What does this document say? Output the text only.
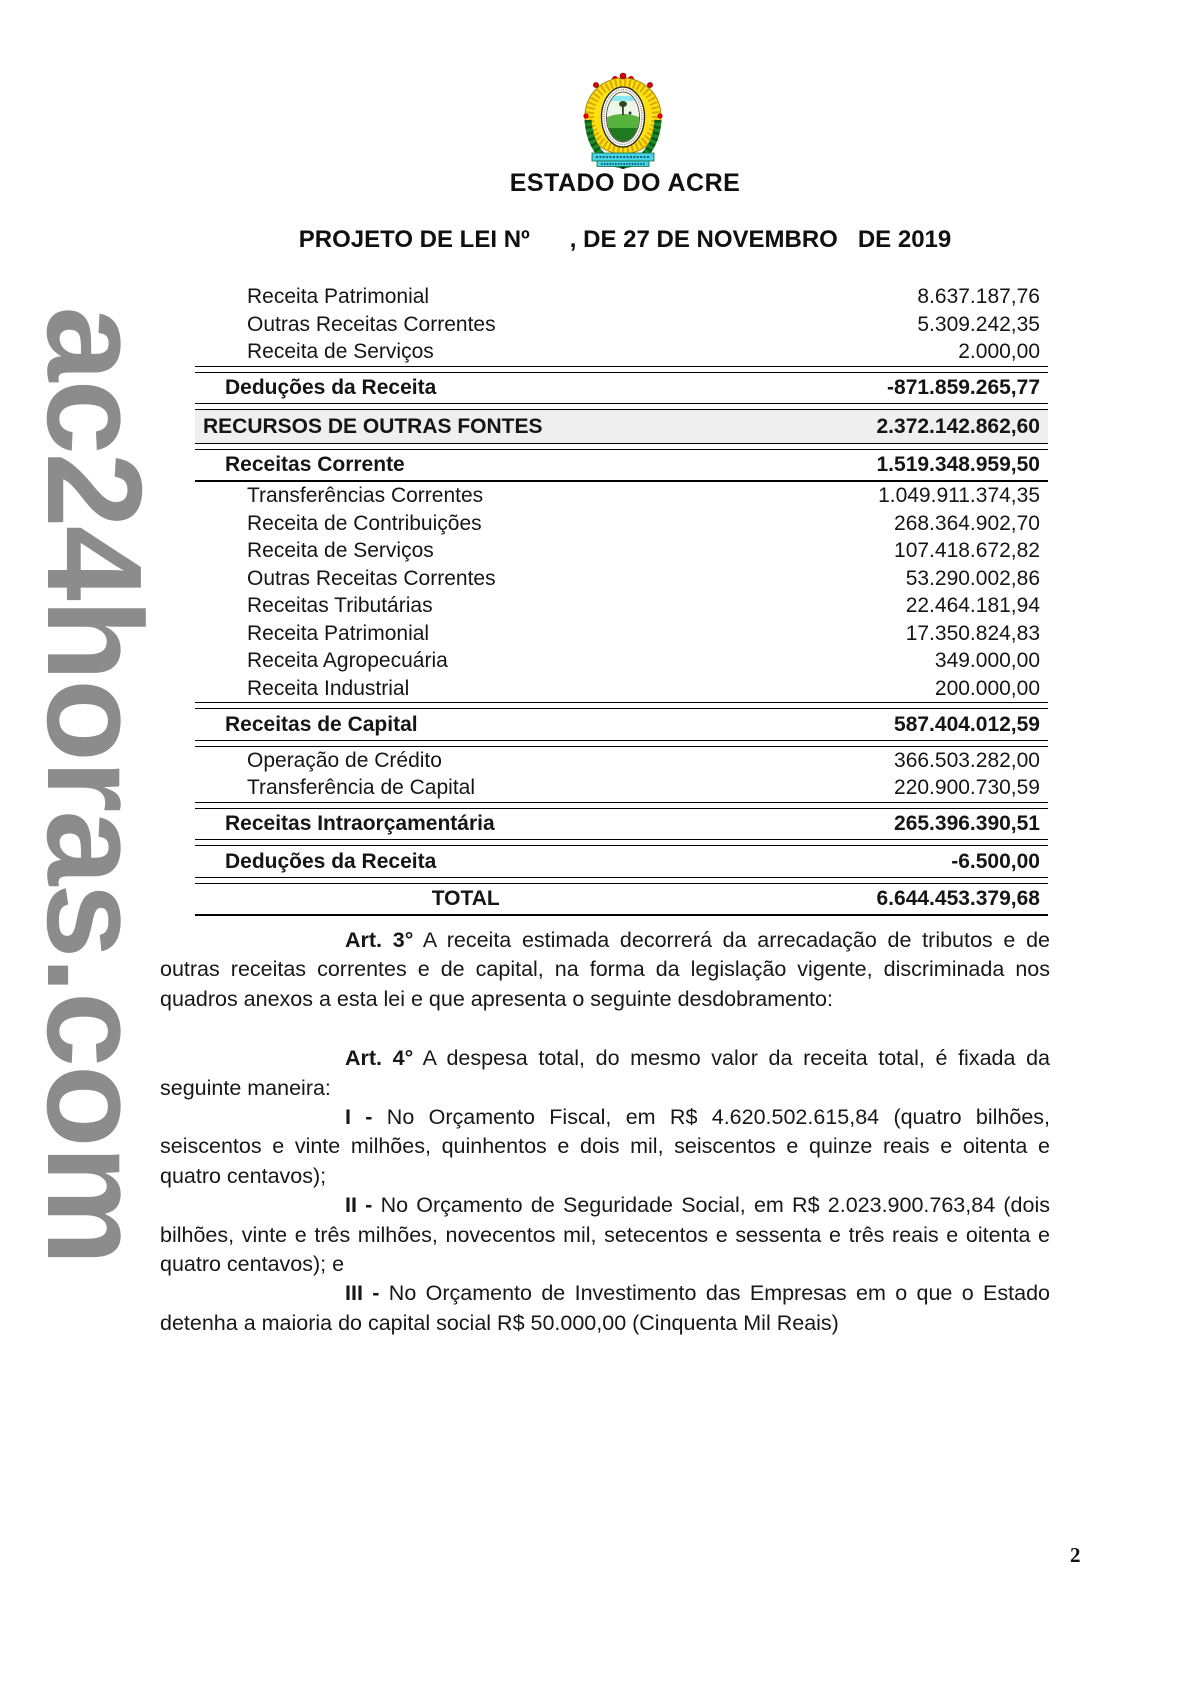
ac24horas.com
ESTADO DO ACRE
PROJETO DE LEI Nº      , DE 27 DE NOVEMBRO   DE 2019
Receita Patrimonial	8.637.187,76
Outras Receitas Correntes	5.309.242,35
Receita de Serviços	2.000,00
Deduções da Receita	-871.859.265,77
RECURSOS DE OUTRAS FONTES	2.372.142.862,60
Receitas Corrente	1.519.348.959,50
Transferências Correntes	1.049.911.374,35
Receita de Contribuições	268.364.902,70
Receita de Serviços	107.418.672,82
Outras Receitas Correntes	53.290.002,86
Receitas Tributárias	22.464.181,94
Receita Patrimonial	17.350.824,83
Receita Agropecuária	349.000,00
Receita Industrial	200.000,00
Receitas de Capital	587.404.012,59
Operação de Crédito	366.503.282,00
Transferência de Capital	220.900.730,59
Receitas Intraorçamentária	265.396.390,51
Deduções da Receita	-6.500,00
TOTAL	6.644.453.379,68

Art. 3° A receita estimada decorrerá da arrecadação de tributos e de outras receitas correntes e de capital, na forma da legislação vigente, discriminada nos quadros anexos a esta lei e que apresenta o seguinte desdobramento:

Art. 4° A despesa total, do mesmo valor da receita total, é fixada da seguinte maneira:

I - No Orçamento Fiscal, em R$ 4.620.502.615,84 (quatro bilhões, seiscentos e vinte milhões, quinhentos e dois mil, seiscentos e quinze reais e oitenta e quatro centavos);

II - No Orçamento de Seguridade Social, em R$ 2.023.900.763,84 (dois bilhões, vinte e três milhões, novecentos mil, setecentos e sessenta e três reais e oitenta e quatro centavos); e

III - No Orçamento de Investimento das Empresas em o que o Estado detenha a maioria do capital social R$ 50.000,00 (Cinquenta Mil Reais)

2
